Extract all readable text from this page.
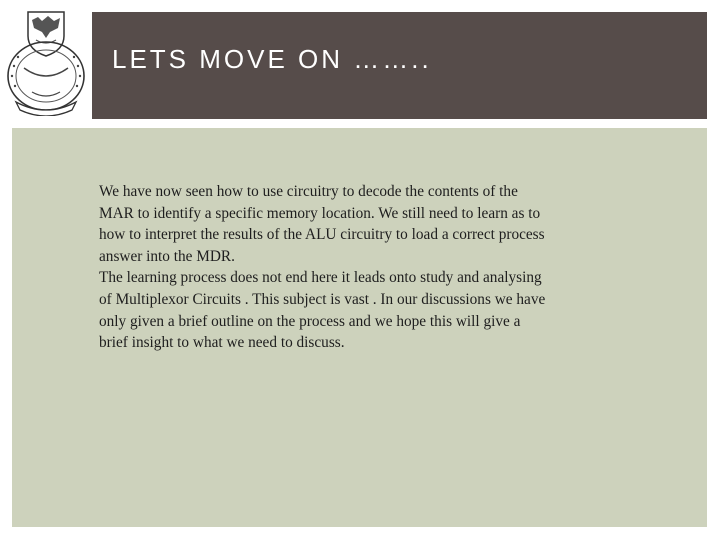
LETS MOVE ON ……..

We have now seen how to use circuitry to decode the contents of the MAR to identify a specific memory location. We still need to learn as to how to interpret the results of the ALU circuitry to load a correct process answer into the MDR.

The learning process does not end here it leads onto study and analysing of Multiplexor Circuits . This subject is vast . In our discussions we have only given a brief outline on the process and we hope this will give a brief insight to what we need to discuss.
